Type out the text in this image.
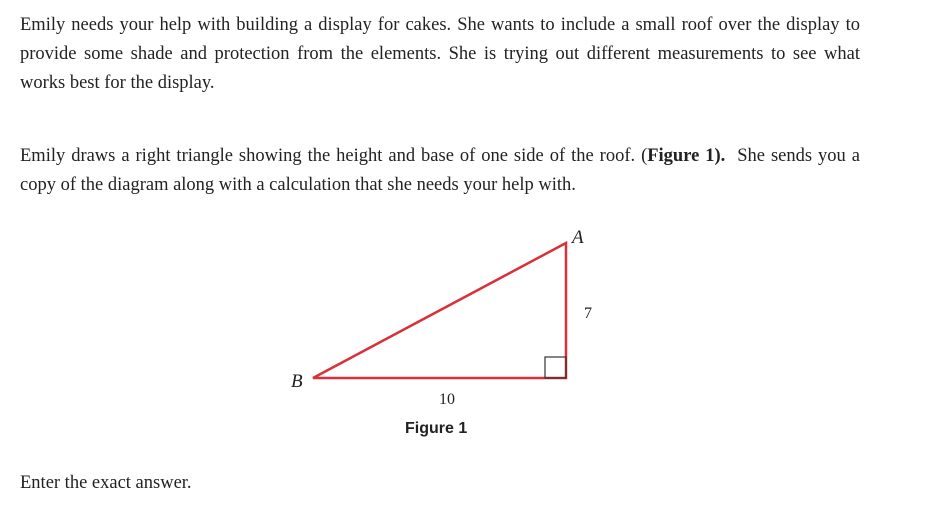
Emily needs your help with building a display for cakes. She wants to include a small roof over the display to provide some shade and protection from the elements. She is trying out different measurements to see what works best for the display.

Emily draws a right triangle showing the height and base of one side of the roof. (Figure 1).  She sends you a copy of the diagram along with a calculation that she needs your help with.

A
B
7
10
Figure 1

Enter the exact answer.
